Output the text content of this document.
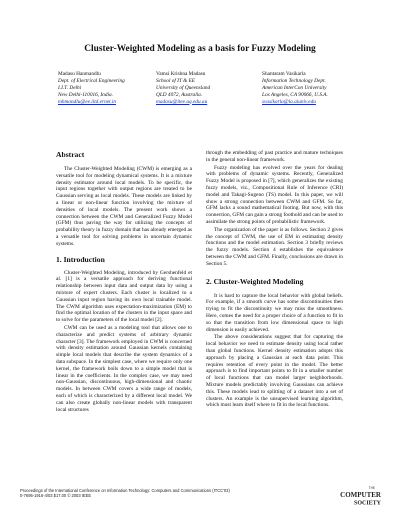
Cluster-Weighted Modeling as a basis for Fuzzy Modeling
Madasu Hanmandlu
Dept. of Electrical Engineering
I.I.T. Delhi
New Delhi-110016, India.
mhmandlu@ee.iitd.ernet.in
Vamsi Krishna Madasu
School of IT & EE
University of Queensland
QLD 4072, Australia.
madasu@itee.uq.edu.au
Shantaram Vasikarla
Information Technology Dept.
American InterCon University
Los Angeles, CA 90066, U.S.A.
svasikarla@la.aiuniv.edu
Abstract

The Cluster-Weighted Modeling (CWM) is emerging as a versatile tool for modeling dynamical systems. It is a mixture density estimator around local models. To be specific, the input regions together with output regions are treated to be Gaussian serving as local models. These models are linked by a linear or non-linear function involving the mixture of densities of local models. The present work shows a connection between the CWM and Generalized Fuzzy Model (GFM) thus paving the way for utilizing the concepts of probability theory in fuzzy domain that has already emerged as a versatile tool for solving problems in uncertain dynamic systems.

1. Introduction

Cluster-Weighted Modeling, introduced by Gershenfeld et al. [1] is a versatile approach for deriving functional relationship between input data and output data by using a mixture of expert clusters. Each cluster is localized to a Gaussian input region having its own local trainable model. The CWM algorithm uses expectation-maximization (EM) to find the optimal location of the clusters in the input space and to solve for the parameters of the local model [2].

CWM can be used as a modeling tool that allows one to characterize and predict systems of arbitrary dynamic character [3]. The framework employed in CWM is concerned with density estimation around Gaussian kernels containing simple local models that describe the system dynamics of a data subspace. In the simplest case, where we require only one kernel, the framework boils down to a simple model that is linear in the coefficients. In the complex case, we may need non-Gaussian, discontinuous, high-dimensional and chaotic models. In between CWM covers a wide range of models, each of which is characterized by a different local model. We can also create globally non-linear models with transparent local structures

through the embedding of past practice and mature techniques in the general non-linear framework.

Fuzzy modeling has evolved over the years for dealing with problems of dynamic systems. Recently, Generalized Fuzzy Model is proposed in [7], which generalizes the existing fuzzy models, viz., Compositional Rule of Inference (CRI) model and Takagi-Sugeno (TS) model. In this paper, we will show a strong connection between CWM and GFM. So far, GFM lacks a sound mathematical footing. But now, with this connection, GFM can gain a strong foothold and can be used to assimilate the strong points of probabilistic framework.

The organization of the paper is as follows. Section 2 gives the concept of CWM, the use of EM in estimating density functions and the model estimation. Section 3 briefly reviews the fuzzy models. Section 4 establishes the equivalence between the CWM and GFM. Finally, conclusions are drawn in Section 5.

2. Cluster-Weighted Modeling

It is hard to capture the local behavior with global beliefs. For example, if a smooth curve has some discontinuities then trying to fit the discontinuity we may miss the smoothness. Here, comes the need for a proper choice of a function to fit in so that the transition from low dimensional space to high dimension is easily achieved.

The above considerations suggest that for capturing the local behavior we need to estimate density using local rather than global functions. Kernel density estimation adopts this approach by placing a Gaussian at each data point. This requires retention of every point in the model. The better approach is to find important points to fit in a smaller number of local functions that can model larger neighborhoods. Mixture models predictably involving Gaussians can achieve this. These models lead to splitting of a dataset into a set of clusters. An example is the unsupervised learning algorithm, which must learn itself where to fit in the local functions.

Proceedings of the International Conference on Information Technology: Computers and Communications (ITCC'03)
0-7695-1916-4/03 $17.00 © 2003 IEEE
THE
COMPUTER
SOCIETY
